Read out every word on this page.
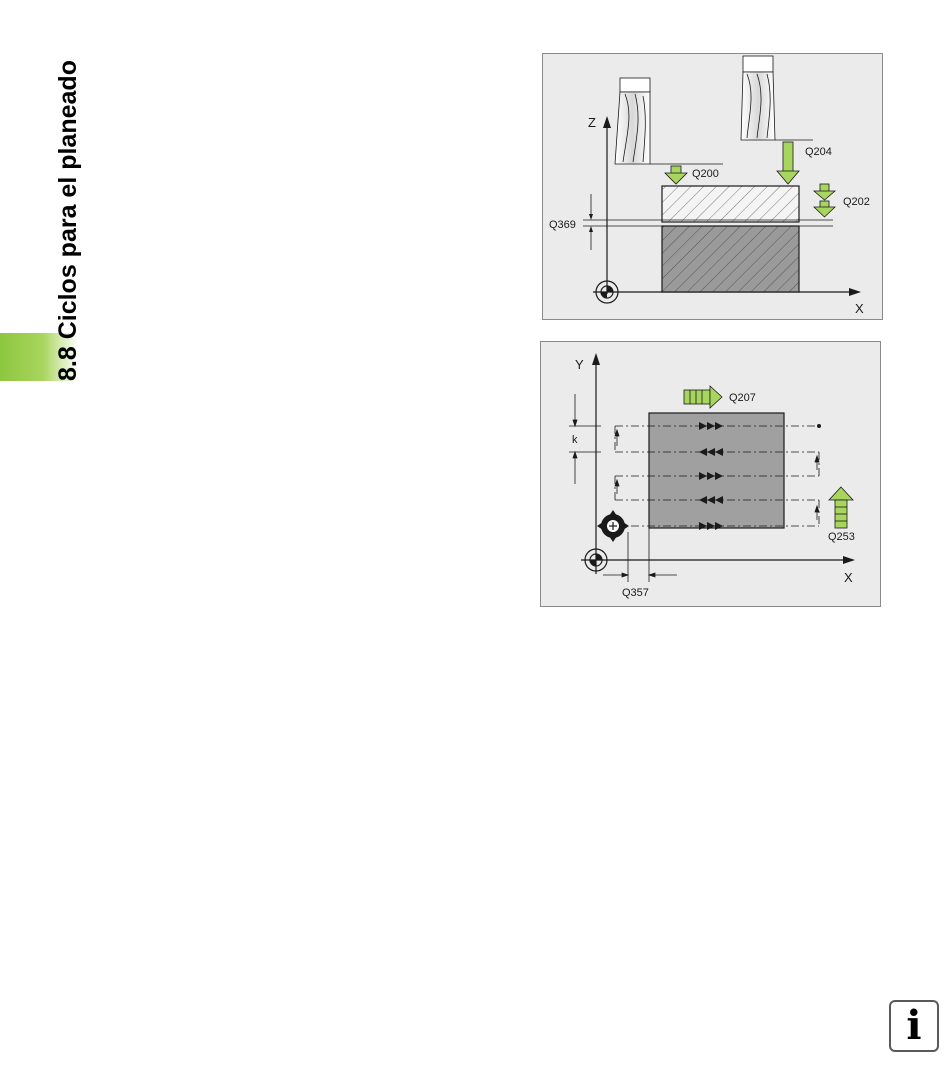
8.8 Ciclos para el planeado	Z
X
Q200
Q204
Q202
Q369
Y
X
Q207
k
Q253
Q357
i
